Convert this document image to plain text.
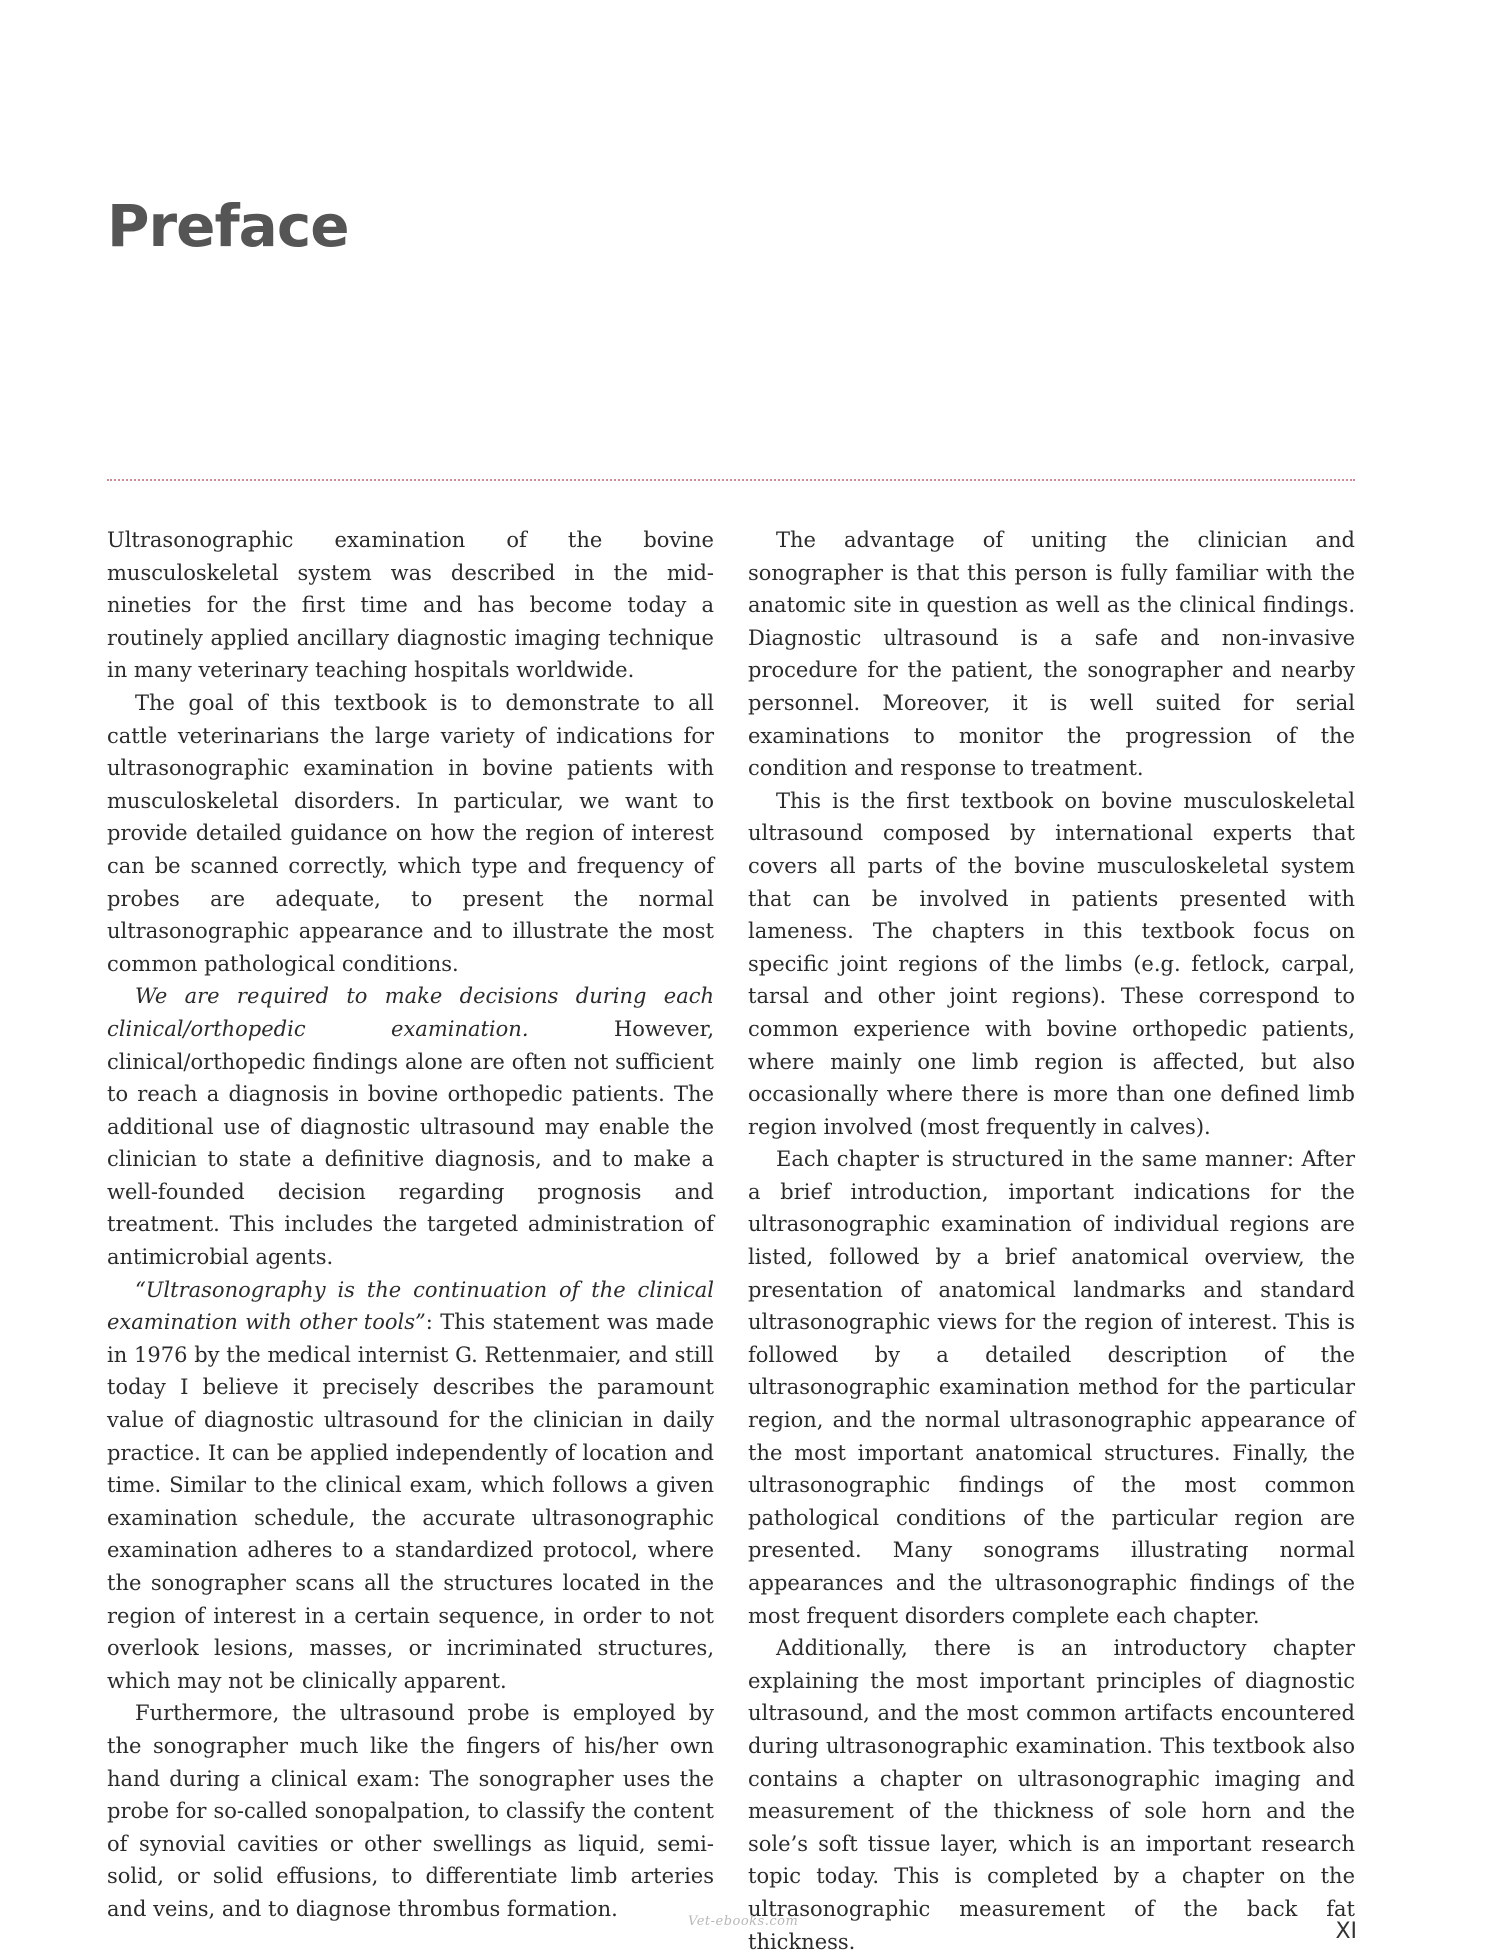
Preface

Ultrasonographic examination of the bovine musculoskeletal system was described in the mid-nineties for the first time and has become today a routinely applied ancillary diagnostic imaging technique in many veterinary teaching hospitals worldwide.

The goal of this textbook is to demonstrate to all cattle veterinarians the large variety of indications for ultrasonographic examination in bovine patients with musculoskeletal disorders. In particular, we want to provide detailed guidance on how the region of interest can be scanned correctly, which type and frequency of probes are adequate, to present the normal ultrasonographic appearance and to illustrate the most common pathological conditions.

We are required to make decisions during each clinical/orthopedic examination. However, clinical/orthopedic findings alone are often not sufficient to reach a diagnosis in bovine orthopedic patients. The additional use of diagnostic ultrasound may enable the clinician to state a definitive diagnosis, and to make a well-founded decision regarding prognosis and treatment. This includes the targeted administration of antimicrobial agents.

“Ultrasonography is the continuation of the clinical examination with other tools”: This statement was made in 1976 by the medical internist G. Rettenmaier, and still today I believe it precisely describes the paramount value of diagnostic ultrasound for the clinician in daily practice. It can be applied independently of location and time. Similar to the clinical exam, which follows a given examination schedule, the accurate ultrasonographic examination adheres to a standardized protocol, where the sonographer scans all the structures located in the region of interest in a certain sequence, in order to not overlook lesions, masses, or incriminated structures, which may not be clinically apparent.

Furthermore, the ultrasound probe is employed by the sonographer much like the fingers of his/her own hand during a clinical exam: The sonographer uses the probe for so-called sonopalpation, to classify the content of synovial cavities or other swellings as liquid, semi-solid, or solid effusions, to differentiate limb arteries and veins, and to diagnose thrombus formation.

The advantage of uniting the clinician and sonographer is that this person is fully familiar with the anatomic site in question as well as the clinical findings. Diagnostic ultrasound is a safe and non-invasive procedure for the patient, the sonographer and nearby personnel. Moreover, it is well suited for serial examinations to monitor the progression of the condition and response to treatment.

This is the first textbook on bovine musculoskeletal ultrasound composed by international experts that covers all parts of the bovine musculoskeletal system that can be involved in patients presented with lameness. The chapters in this textbook focus on specific joint regions of the limbs (e.g. fetlock, carpal, tarsal and other joint regions). These correspond to common experience with bovine orthopedic patients, where mainly one limb region is affected, but also occasionally where there is more than one defined limb region involved (most frequently in calves).

Each chapter is structured in the same manner: After a brief introduction, important indications for the ultrasonographic examination of individual regions are listed, followed by a brief anatomical overview, the presentation of anatomical landmarks and standard ultrasonographic views for the region of interest. This is followed by a detailed description of the ultrasonographic examination method for the particular region, and the normal ultrasonographic appearance of the most important anatomical structures. Finally, the ultrasonographic findings of the most common pathological conditions of the particular region are presented. Many sonograms illustrating normal appearances and the ultrasonographic findings of the most frequent disorders complete each chapter.

Additionally, there is an introductory chapter explaining the most important principles of diagnostic ultrasound, and the most common artifacts encountered during ultrasonographic examination. This textbook also contains a chapter on ultrasonographic imaging and measurement of the thickness of sole horn and the sole’s soft tissue layer, which is an important research topic today. This is completed by a chapter on the ultrasonographic measurement of the back fat thickness.

Vet-ebooks.com	XI
